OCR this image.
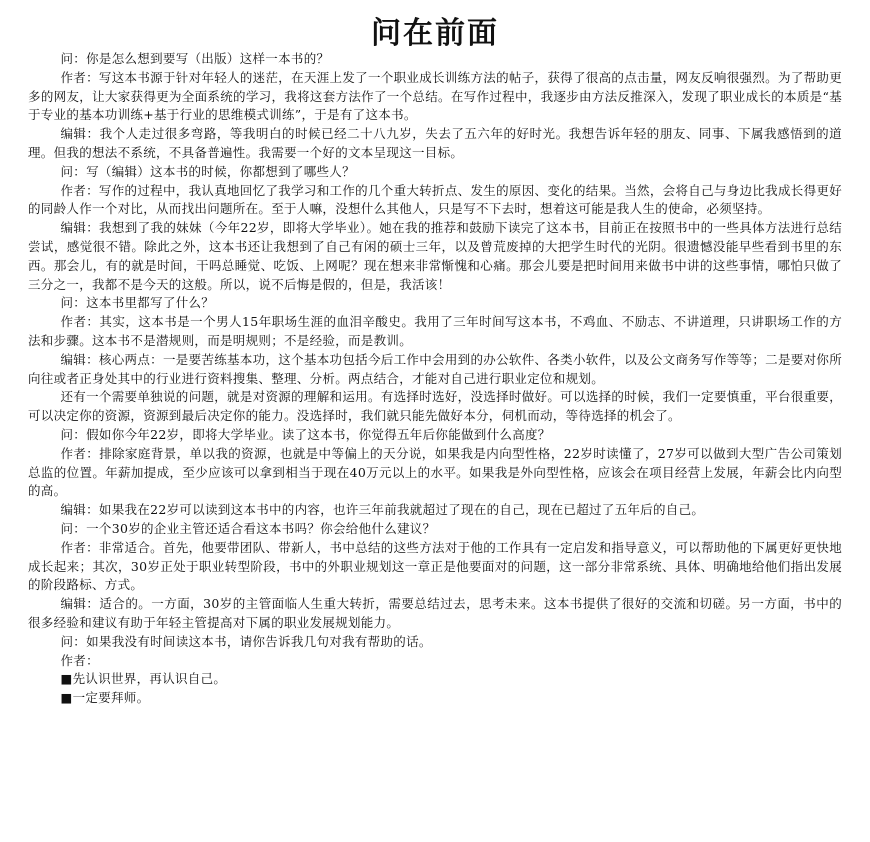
问在前面

问：你是怎么想到要写（出版）这样一本书的？

作者：写这本书源于针对年轻人的迷茫，在天涯上发了一个职业成长训练方法的帖子，获得了很高的点击量，网友反响很强烈。为了帮助更多的网友，让大家获得更为全面系统的学习，我将这套方法作了一个总结。在写作过程中，我逐步由方法反推深入，发现了职业成长的本质是“基于专业的基本功训练+基于行业的思维模式训练”，于是有了这本书。

编辑：我个人走过很多弯路，等我明白的时候已经二十八九岁，失去了五六年的好时光。我想告诉年轻的朋友、同事、下属我感悟到的道理。但我的想法不系统，不具备普遍性。我需要一个好的文本呈现这一目标。

问：写（编辑）这本书的时候，你都想到了哪些人？

作者：写作的过程中，我认真地回忆了我学习和工作的几个重大转折点、发生的原因、变化的结果。当然，会将自己与身边比我成长得更好的同龄人作一个对比，从而找出问题所在。至于人嘛，没想什么其他人，只是写不下去时，想着这可能是我人生的使命，必须坚持。

编辑：我想到了我的妹妹（今年22岁，即将大学毕业）。她在我的推荐和鼓励下读完了这本书，目前正在按照书中的一些具体方法进行总结尝试，感觉很不错。除此之外，这本书还让我想到了自己有闲的硕士三年，以及曾荒废掉的大把学生时代的光阴。很遗憾没能早些看到书里的东西。那会儿，有的就是时间，干吗总睡觉、吃饭、上网呢？现在想来非常惭愧和心痛。那会儿要是把时间用来做书中讲的这些事情，哪怕只做了三分之一，我都不是今天的这般。所以，说不后悔是假的，但是，我活该！

问：这本书里都写了什么？

作者：其实，这本书是一个男人15年职场生涯的血泪辛酸史。我用了三年时间写这本书，不鸡血、不励志、不讲道理，只讲职场工作的方法和步骤。这本书不是潜规则，而是明规则；不是经验，而是教训。

编辑：核心两点：一是要苦练基本功，这个基本功包括今后工作中会用到的办公软件、各类小软件，以及公文商务写作等等；二是要对你所向往或者正身处其中的行业进行资料搜集、整理、分析。两点结合，才能对自己进行职业定位和规划。

还有一个需要单独说的问题，就是对资源的理解和运用。有选择时选好，没选择时做好。可以选择的时候，我们一定要慎重，平台很重要，可以决定你的资源，资源到最后决定你的能力。没选择时，我们就只能先做好本分，伺机而动，等待选择的机会了。

问：假如你今年22岁，即将大学毕业。读了这本书，你觉得五年后你能做到什么高度？

作者：排除家庭背景，单以我的资源，也就是中等偏上的天分说，如果我是内向型性格，22岁时读懂了，27岁可以做到大型广告公司策划总监的位置。年薪加提成，至少应该可以拿到相当于现在40万元以上的水平。如果我是外向型性格，应该会在项目经营上发展，年薪会比内向型的高。

编辑：如果我在22岁可以读到这本书中的内容，也许三年前我就超过了现在的自己，现在已超过了五年后的自己。

问：一个30岁的企业主管还适合看这本书吗？你会给他什么建议？

作者：非常适合。首先，他要带团队、带新人，书中总结的这些方法对于他的工作具有一定启发和指导意义，可以帮助他的下属更好更快地成长起来；其次，30岁正处于职业转型阶段，书中的外职业规划这一章正是他要面对的问题，这一部分非常系统、具体、明确地给他们指出发展的阶段路标、方式。

编辑：适合的。一方面，30岁的主管面临人生重大转折，需要总结过去，思考未来。这本书提供了很好的交流和切磋。另一方面，书中的很多经验和建议有助于年轻主管提高对下属的职业发展规划能力。

问：如果我没有时间读这本书，请你告诉我几句对我有帮助的话。

作者：

■先认识世界，再认识自己。

■一定要拜师。
